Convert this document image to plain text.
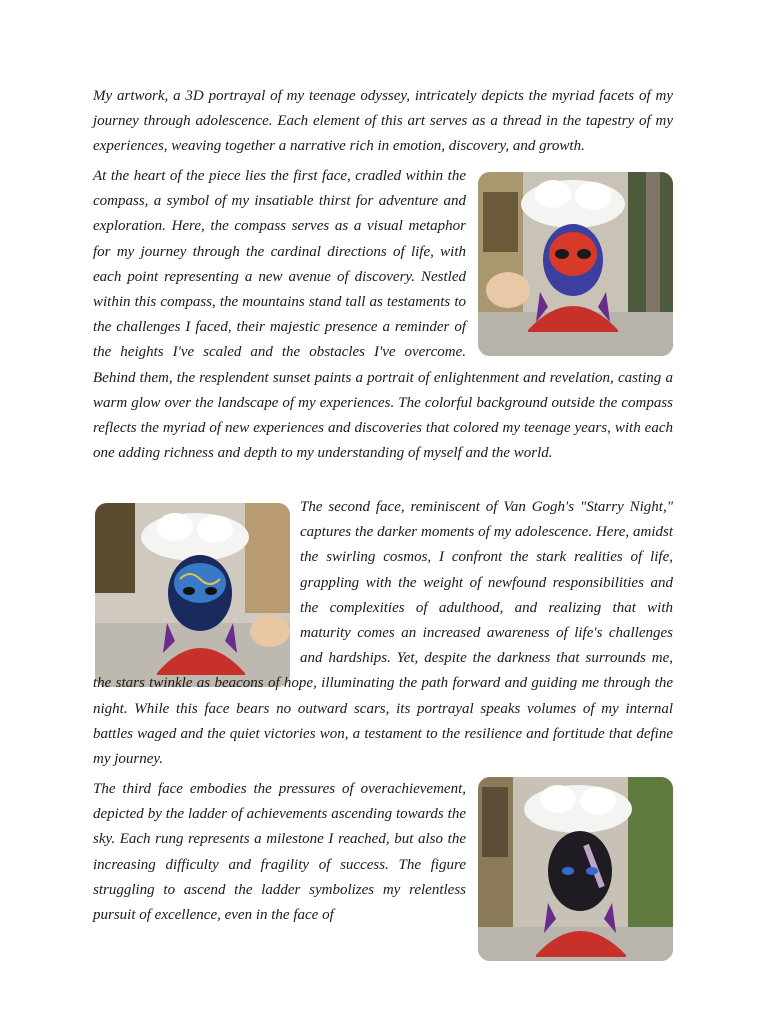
My artwork, a 3D portrayal of my teenage odyssey, intricately depicts the myriad facets of my journey through adolescence. Each element of this art serves as a thread in the tapestry of my experiences, weaving together a narrative rich in emotion, discovery, and growth.

At the heart of the piece lies the first face, cradled within the compass, a symbol of my insatiable thirst for adventure and exploration. Here, the compass serves as a visual metaphor for my journey through the cardinal directions of life, with each point representing a new avenue of discovery. Nestled within this compass, the mountains stand tall as testaments to the challenges I faced, their majestic presence a reminder of the heights I've scaled and the obstacles I've overcome. Behind them, the resplendent sunset paints a portrait of enlightenment and revelation, casting a warm glow over the landscape of my experiences. The colorful background outside the compass reflects the myriad of new experiences and discoveries that colored my teenage years, with each one adding richness and depth to my understanding of myself and the world.

The second face, reminiscent of Van Gogh's "Starry Night," captures the darker moments of my adolescence. Here, amidst the swirling cosmos, I confront the stark realities of life, grappling with the weight of newfound responsibilities and the complexities of adulthood, and realizing that with maturity comes an increased awareness of life's challenges and hardships. Yet, despite the darkness that surrounds me, the stars twinkle as beacons of hope, illuminating the path forward and guiding me through the night. While this face bears no outward scars, its portrayal speaks volumes of my internal battles waged and the quiet victories won, a testament to the resilience and fortitude that define my journey.

The third face embodies the pressures of overachievement, depicted by the ladder of achievements ascending towards the sky. Each rung represents a milestone I reached, but also the increasing difficulty and fragility of success. The figure struggling to ascend the ladder symbolizes my relentless pursuit of excellence, even in the face of
